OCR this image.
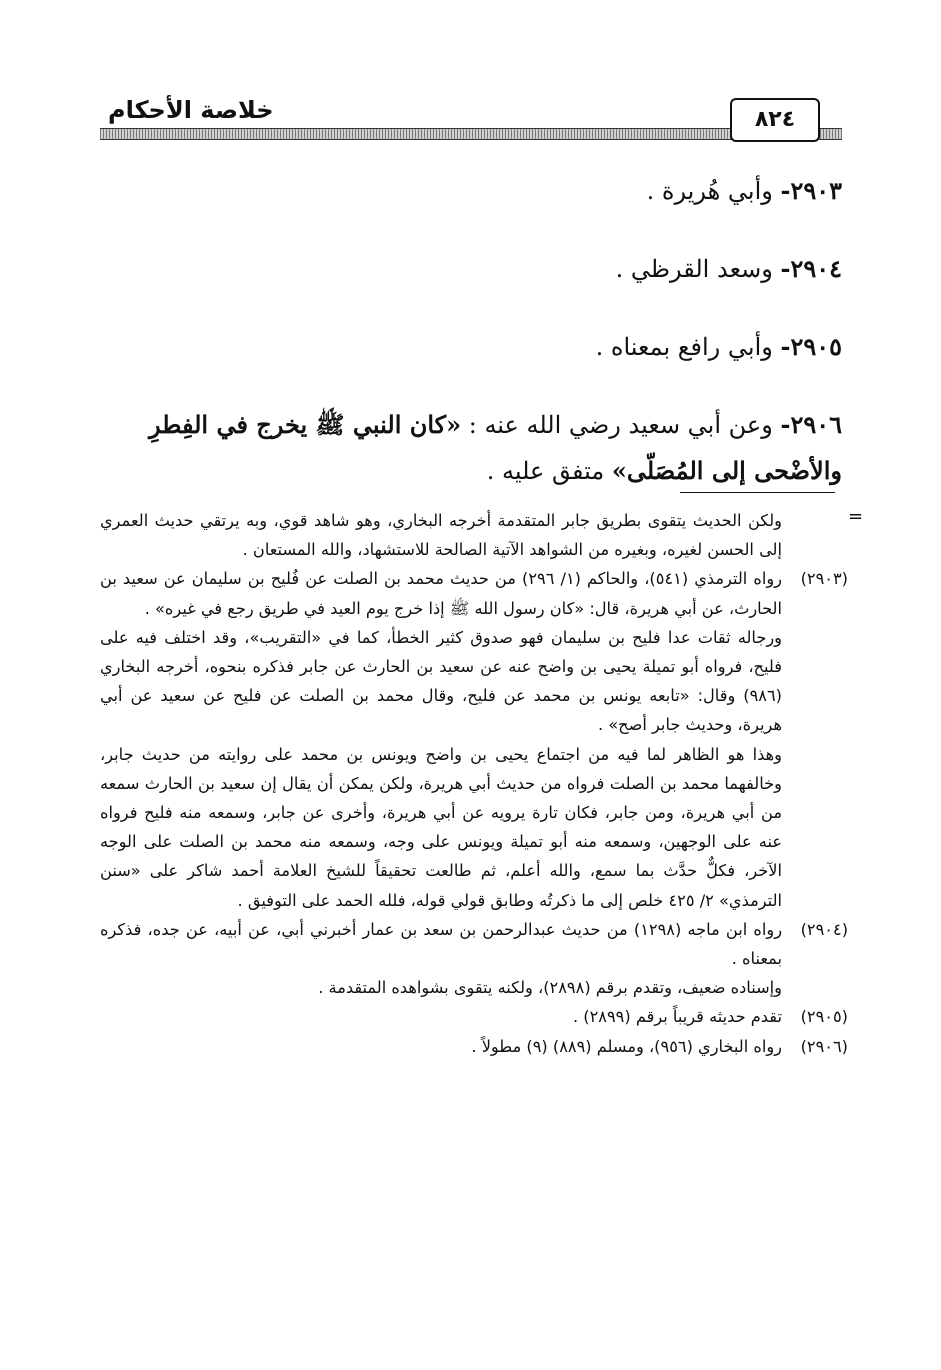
خلاصة الأحكام	٨٢٤

٢٩٠٣- وأبي هُريرة .

٢٩٠٤- وسعد القرظي .

٢٩٠٥- وأبي رافع بمعناه .

٢٩٠٦- وعن أبي سعيد رضي الله عنه : «كان النبي ﷺ يخرج في الفِطرِ والأضْحى إلى المُصَلّى» متفق عليه .

=

ولكن الحديث يتقوى بطريق جابر المتقدمة أخرجه البخاري، وهو شاهد قوي، وبه يرتقي حديث العمري إلى الحسن لغيره، وبغيره من الشواهد الآتية الصالحة للاستشهاد، والله المستعان .

(٢٩٠٣)رواه الترمذي (٥٤١)، والحاكم (١/ ٢٩٦) من حديث محمد بن الصلت عن فُليح بن سليمان عن سعيد بن الحارث، عن أبي هريرة، قال: «كان رسول الله ﷺ إذا خرج يوم العيد في طريق رجع في غيره» .

ورجاله ثقات عدا فليح بن سليمان فهو صدوق كثير الخطأ، كما في «التقريب»، وقد اختلف فيه على فليح، فرواه أبو تميلة يحيى بن واضح عنه عن سعيد بن الحارث عن جابر فذكره بنحوه، أخرجه البخاري (٩٨٦) وقال: «تابعه يونس بن محمد عن فليح، وقال محمد بن الصلت عن فليح عن سعيد عن أبي هريرة، وحديث جابر أصح» .

وهذا هو الظاهر لما فيه من اجتماع يحيى بن واضح ويونس بن محمد على روايته من حديث جابر، وخالفهما محمد بن الصلت فرواه من حديث أبي هريرة، ولكن يمكن أن يقال إن سعيد بن الحارث سمعه من أبي هريرة، ومن جابر، فكان تارة يرويه عن أبي هريرة، وأخرى عن جابر، وسمعه منه فليح فرواه عنه على الوجهين، وسمعه منه أبو تميلة ويونس على وجه، وسمعه منه محمد بن الصلت على الوجه الآخر، فكلٌّ حدَّث بما سمع، والله أعلم، ثم طالعت تحقيقاً للشيخ العلامة أحمد شاكر على «سنن الترمذي» ٢/ ٤٢٥ خلص إلى ما ذكرتُه وطابق قولي قوله، فلله الحمد على التوفيق .

(٢٩٠٤)رواه ابن ماجه (١٢٩٨) من حديث عبدالرحمن بن سعد بن عمار أخبرني أبي، عن أبيه، عن جده، فذكره بمعناه .

وإسناده ضعيف، وتقدم برقم (٢٨٩٨)، ولكنه يتقوى بشواهده المتقدمة .

(٢٩٠٥)تقدم حديثه قريباً برقم (٢٨٩٩) .

(٢٩٠٦)رواه البخاري (٩٥٦)، ومسلم (٨٨٩) (٩) مطولاً .
